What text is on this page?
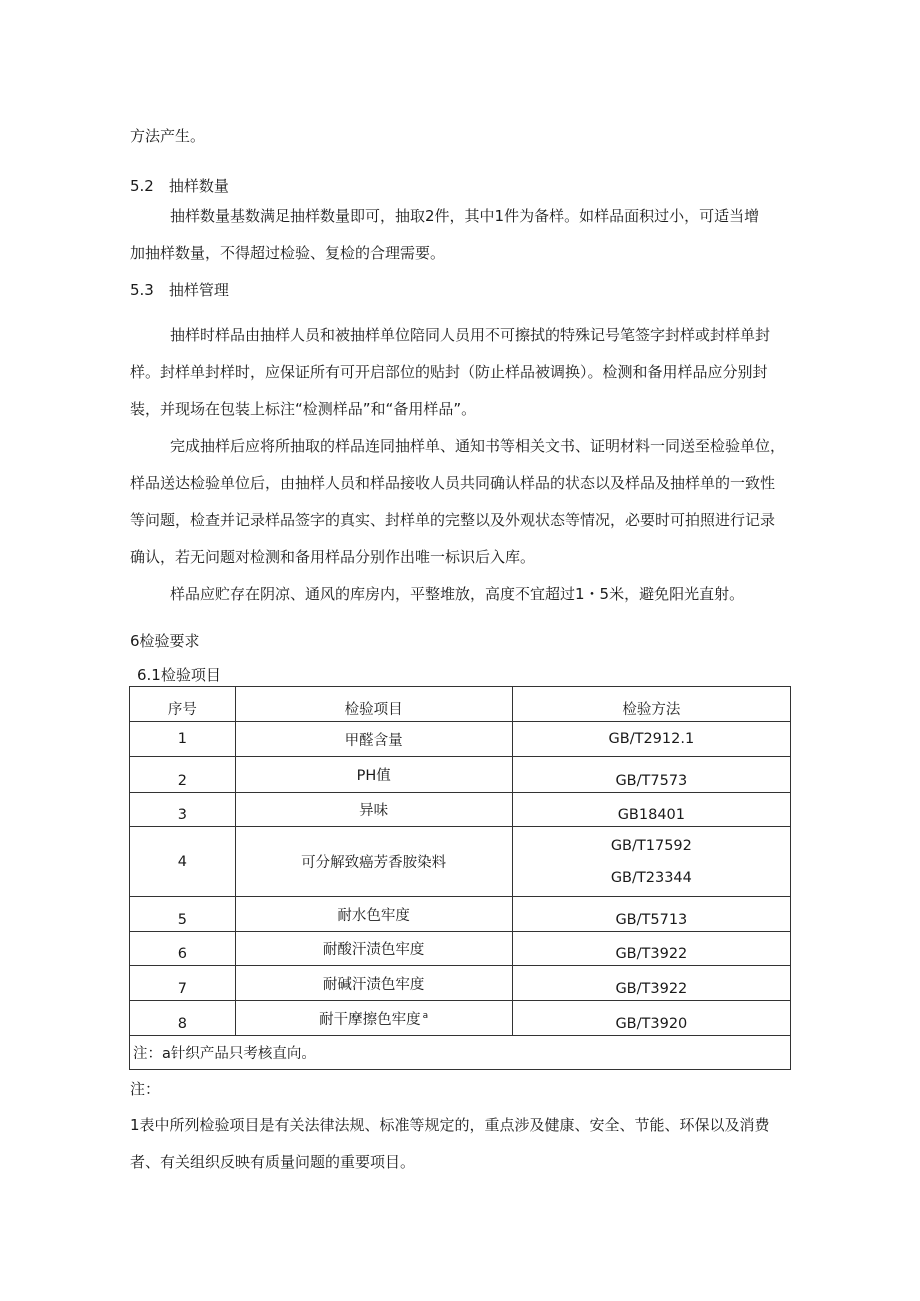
方法产生。
5.2　抽样数量
抽样数量基数满足抽样数量即可，抽取2件，其中1件为备样。如样品面积过小，可适当增
加抽样数量，不得超过检验、复检的合理需要。
5.3　抽样管理
抽样时样品由抽样人员和被抽样单位陪同人员用不可擦拭的特殊记号笔签字封样或封样单封
样。封样单封样时，应保证所有可开启部位的贴封（防止样品被调换）。检测和备用样品应分别封
装，并现场在包装上标注“检测样品”和“备用样品”。
完成抽样后应将所抽取的样品连同抽样单、通知书等相关文书、证明材料一同送至检验单位，
样品送达检验单位后，由抽样人员和样品接收人员共同确认样品的状态以及样品及抽样单的一致性
等问题，检查并记录样品签字的真实、封样单的完整以及外观状态等情况，必要时可拍照进行记录
确认，若无问题对检测和备用样品分别作出唯一标识后入库。
样品应贮存在阴凉、通风的库房内，平整堆放，高度不宜超过1・5米，避免阳光直射。
6检验要求
6.1检验项目
序号	检验项目	检验方法

1	甲醛含量	GB/T2912.1

2	PH值	GB/T7573

3	异味	GB18401

4	可分解致癌芳香胺染料	GB/T17592
GB/T23344

5	耐水色牢度	GB/T5713

6	耐酸汗渍色牢度	GB/T3922

7	耐碱汗渍色牢度	GB/T3922

8	耐干摩擦色牢度 $^a$	GB/T3920

注：a针织产品只考核直向。		
注：
1表中所列检验项目是有关法律法规、标准等规定的，重点涉及健康、安全、节能、环保以及消费
者、有关组织反映有质量问题的重要项目。
